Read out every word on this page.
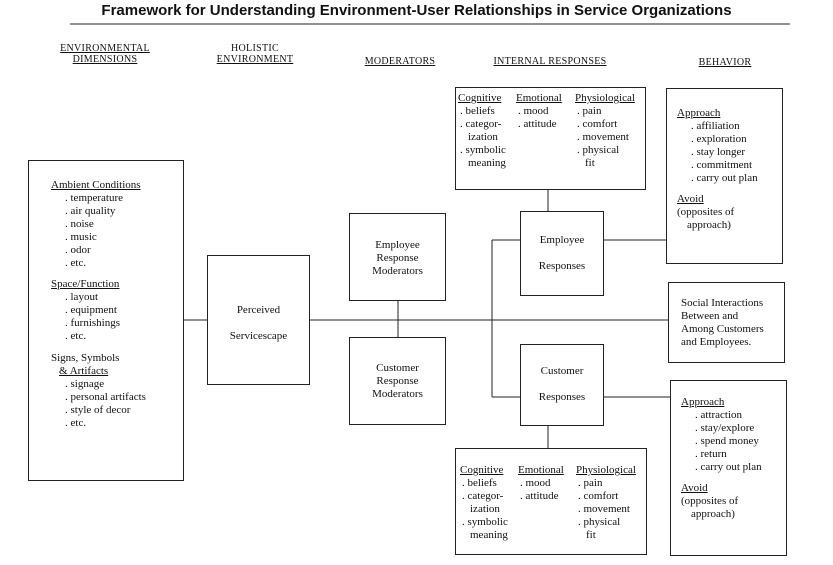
Framework for Understanding Environment-User Relationships in Service Organizations
ENVIRONMENTAL
DIMENSIONS
HOLISTIC
ENVIRONMENT	MODERATORS	INTERNAL RESPONSES	BEHAVIOR
Ambient Conditions
. temperature
. air quality
. noise
. music
. odor
. etc.
Space/Function
. layout
. equipment
. furnishings
. etc.
Signs, Symbols
& Artifacts
. signage
. personal artifacts
. style of decor
. etc.
Perceived
Servicescape
Employee
Response
Moderators
Customer
Response
Moderators
Employee
Responses
Customer
Responses
Cognitive
. beliefs
. categor-
ization
. symbolic
meaning
Emotional
. mood
. attitude
Physiological
. pain
. comfort
. movement
. physical
fit
Cognitive
. beliefs
. categor-
ization
. symbolic
meaning
Emotional
. mood
. attitude
Physiological
. pain
. comfort
. movement
. physical
fit
Approach
. affiliation
. exploration
. stay longer
. commitment
. carry out plan
Avoid
(opposites of
approach)
Social Interactions
Between and
Among Customers
and Employees.
Approach
. attraction
. stay/explore
. spend money
. return
. carry out plan
Avoid
(opposites of
approach)
